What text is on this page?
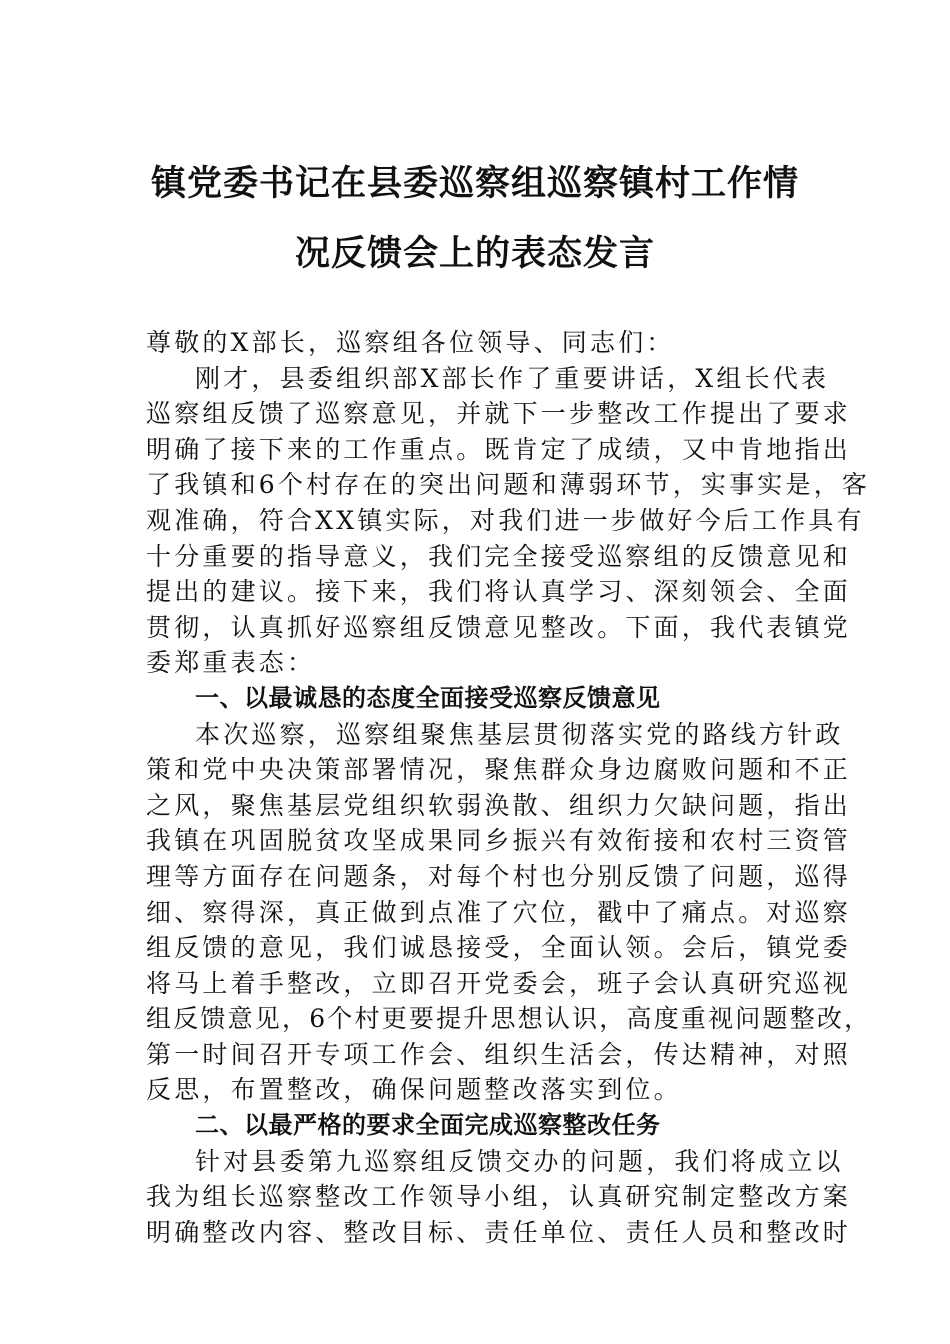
镇党委书记在县委巡察组巡察镇村工作情
况反馈会上的表态发言
尊敬的X部长，巡察组各位领导、同志们：
刚才，县委组织部X部长作了重要讲话，X组长代表
巡察组反馈了巡察意见，并就下一步整改工作提出了要求
明确了接下来的工作重点。既肯定了成绩，又中肯地指出
了我镇和6个村存在的突出问题和薄弱环节，实事实是，客
观准确，符合XX镇实际，对我们进一步做好今后工作具有
十分重要的指导意义，我们完全接受巡察组的反馈意见和
提出的建议。接下来，我们将认真学习、深刻领会、全面
贯彻，认真抓好巡察组反馈意见整改。下面，我代表镇党
委郑重表态：
一、以最诚恳的态度全面接受巡察反馈意见
本次巡察，巡察组聚焦基层贯彻落实党的路线方针政
策和党中央决策部署情况，聚焦群众身边腐败问题和不正
之风，聚焦基层党组织软弱涣散、组织力欠缺问题，指出
我镇在巩固脱贫攻坚成果同乡振兴有效衔接和农村三资管
理等方面存在问题条，对每个村也分别反馈了问题，巡得
细、察得深，真正做到点准了穴位，戳中了痛点。对巡察
组反馈的意见，我们诚恳接受，全面认领。会后，镇党委
将马上着手整改，立即召开党委会，班子会认真研究巡视
组反馈意见，6个村更要提升思想认识，高度重视问题整改，
第一时间召开专项工作会、组织生活会，传达精神，对照
反思，布置整改，确保问题整改落实到位。
二、以最严格的要求全面完成巡察整改任务
针对县委第九巡察组反馈交办的问题，我们将成立以
我为组长巡察整改工作领导小组，认真研究制定整改方案
明确整改内容、整改目标、责任单位、责任人员和整改时
